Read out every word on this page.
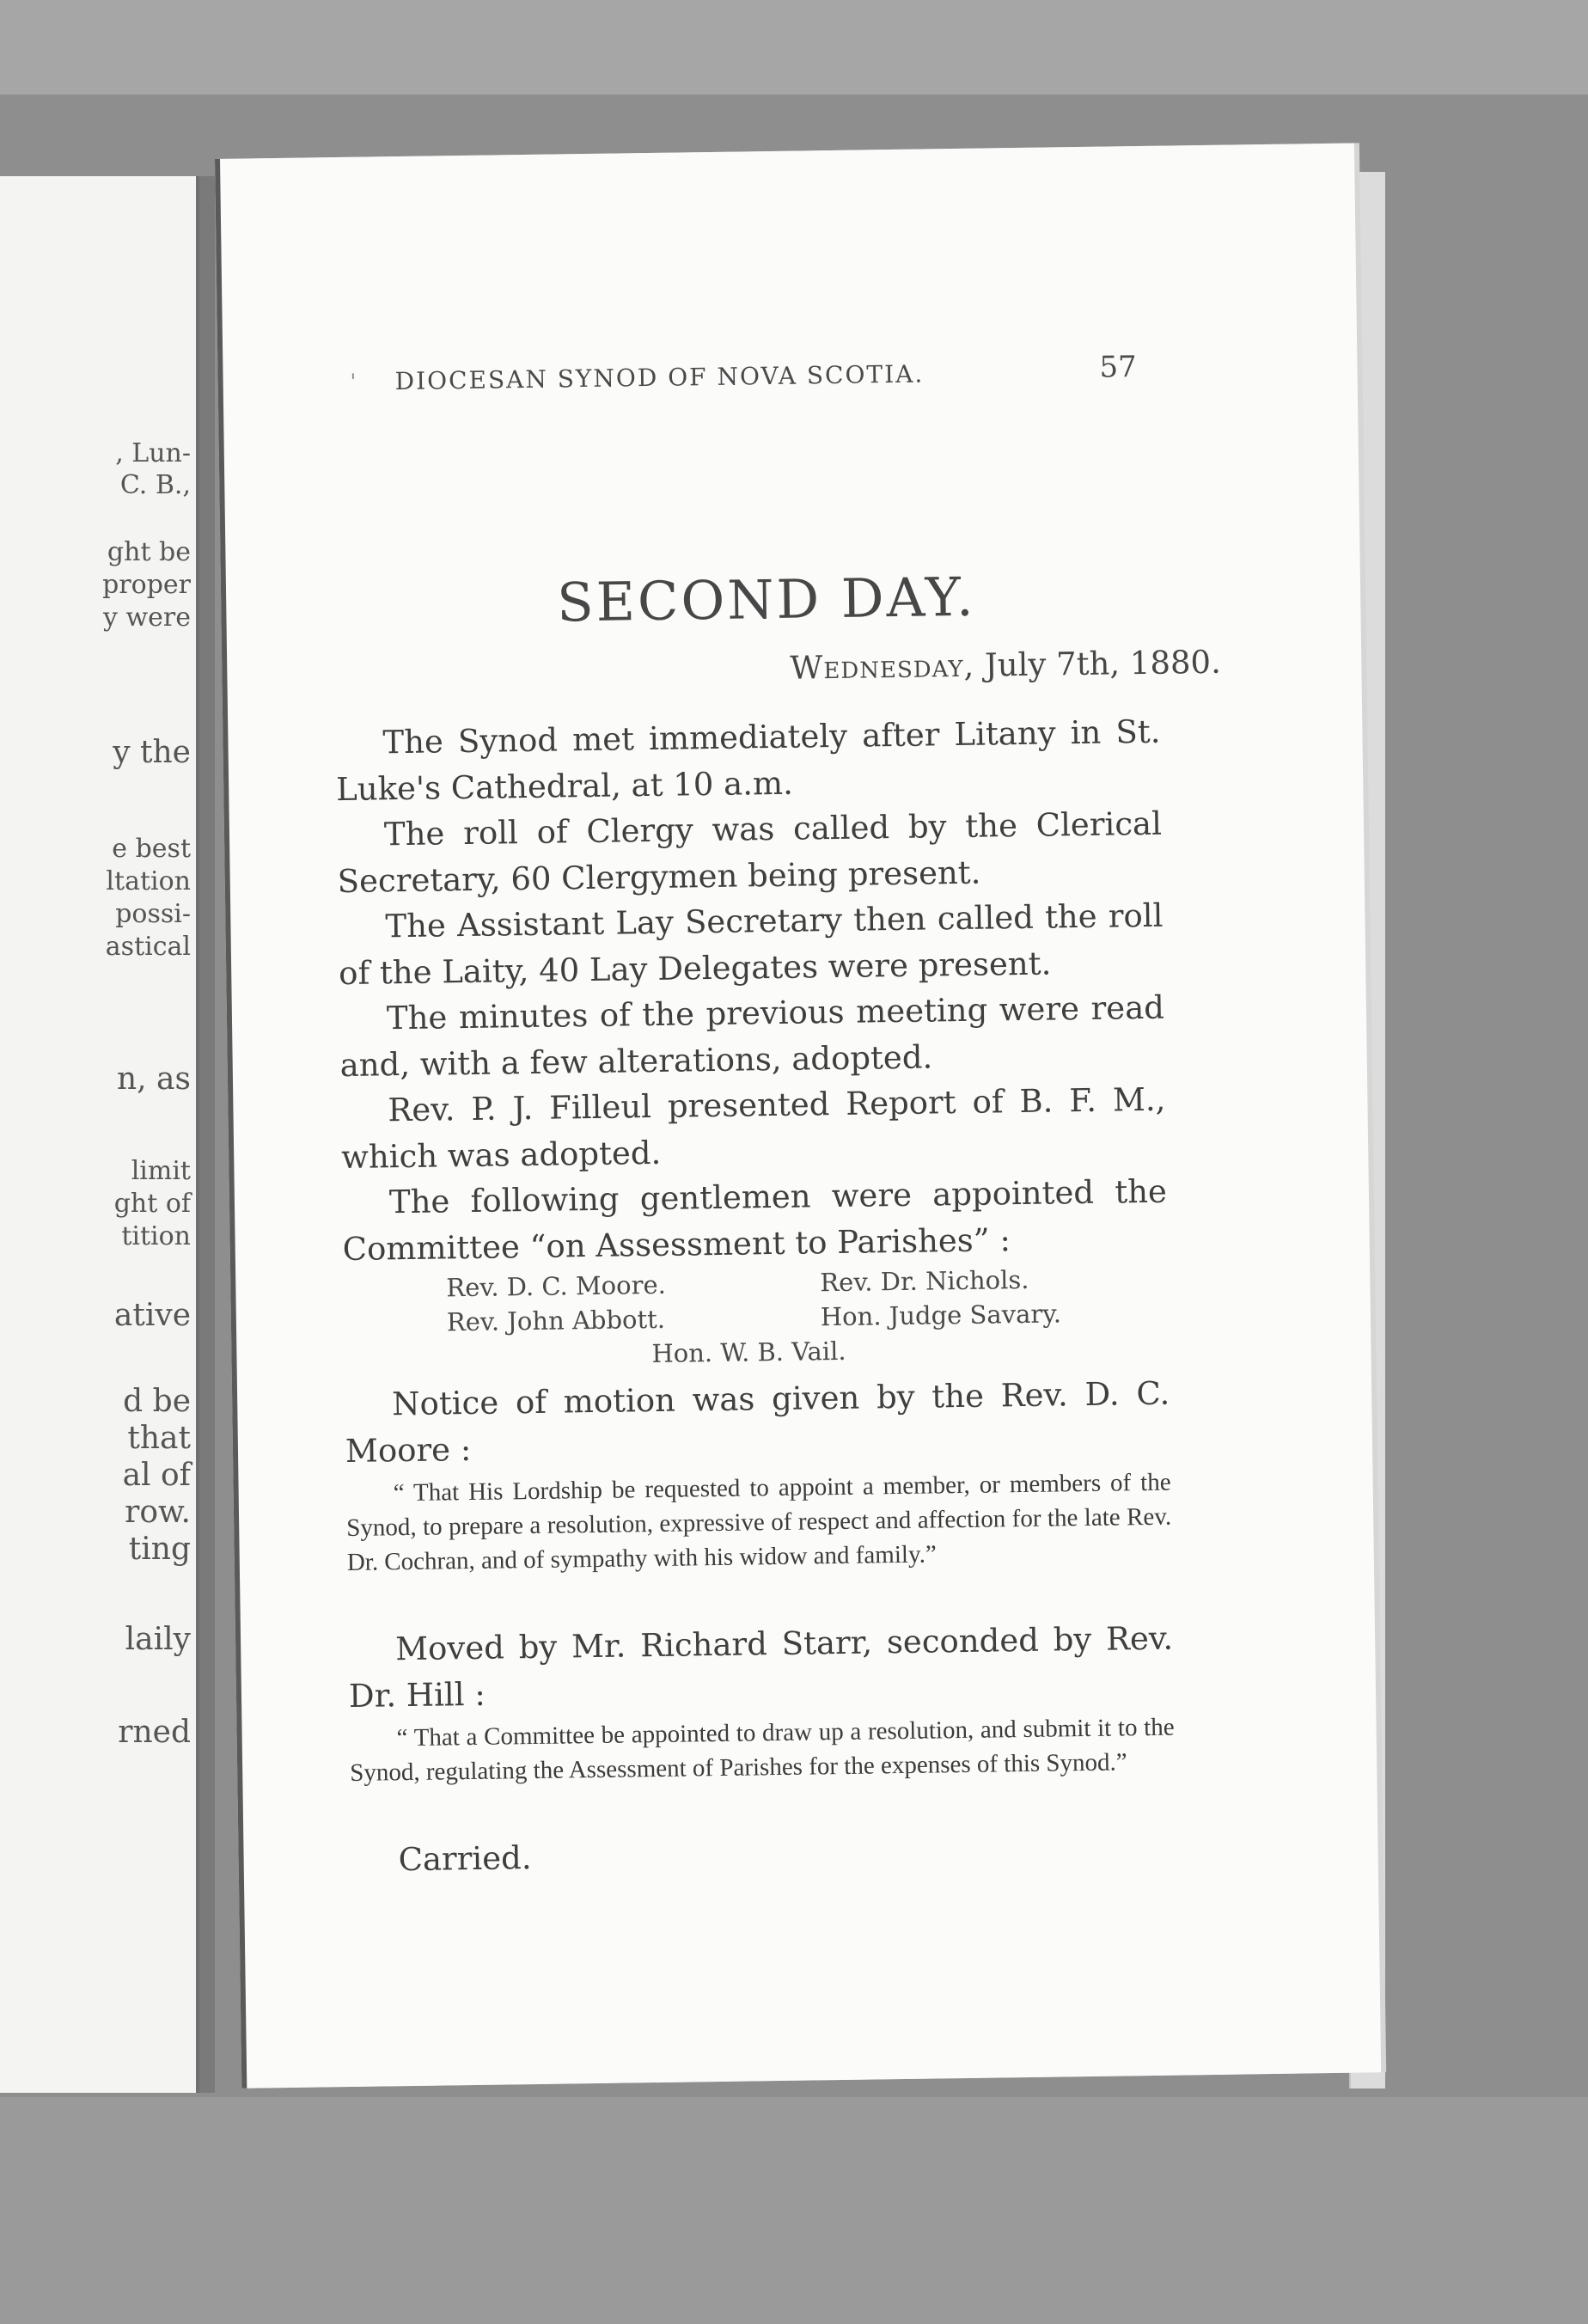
, Lun-
C. B.,
ght be
proper
y were
y the
e best
ltation
possi-
astical
n, as
limit
ght of
tition
ative
d be
that
al of
row.
ting
laily
rned
' DIOCESAN SYNOD OF NOVA SCOTIA.	57
SECOND DAY.
Wednesday, July 7th, 1880.
The Synod met immediately after Litany in St. Luke's Cathedral, at 10 a.m.
The roll of Clergy was called by the Clerical Secretary, 60 Clergymen being present.
The Assistant Lay Secretary then called the roll of the Laity, 40 Lay Delegates were present.
The minutes of the previous meeting were read and, with a few alterations, adopted.
Rev. P. J. Filleul presented Report of B. F. M., which was adopted.
The following gentlemen were appointed the Committee “on Assessment to Parishes” :
Rev. D. C. Moore.	Rev. Dr. Nichols.
Rev. John Abbott.	Hon. Judge Savary.
Hon. W. B. Vail.
Notice of motion was given by the Rev. D. C. Moore :
“ That His Lordship be requested to appoint a member, or members of the Synod, to prepare a resolution, expressive of respect and affection for the late Rev. Dr. Cochran, and of sympathy with his widow and family.”
Moved by Mr. Richard Starr, seconded by Rev. Dr. Hill :
“ That a Committee be appointed to draw up a resolution, and submit it to the Synod, regulating the Assessment of Parishes for the expenses of this Synod.”
Carried.
